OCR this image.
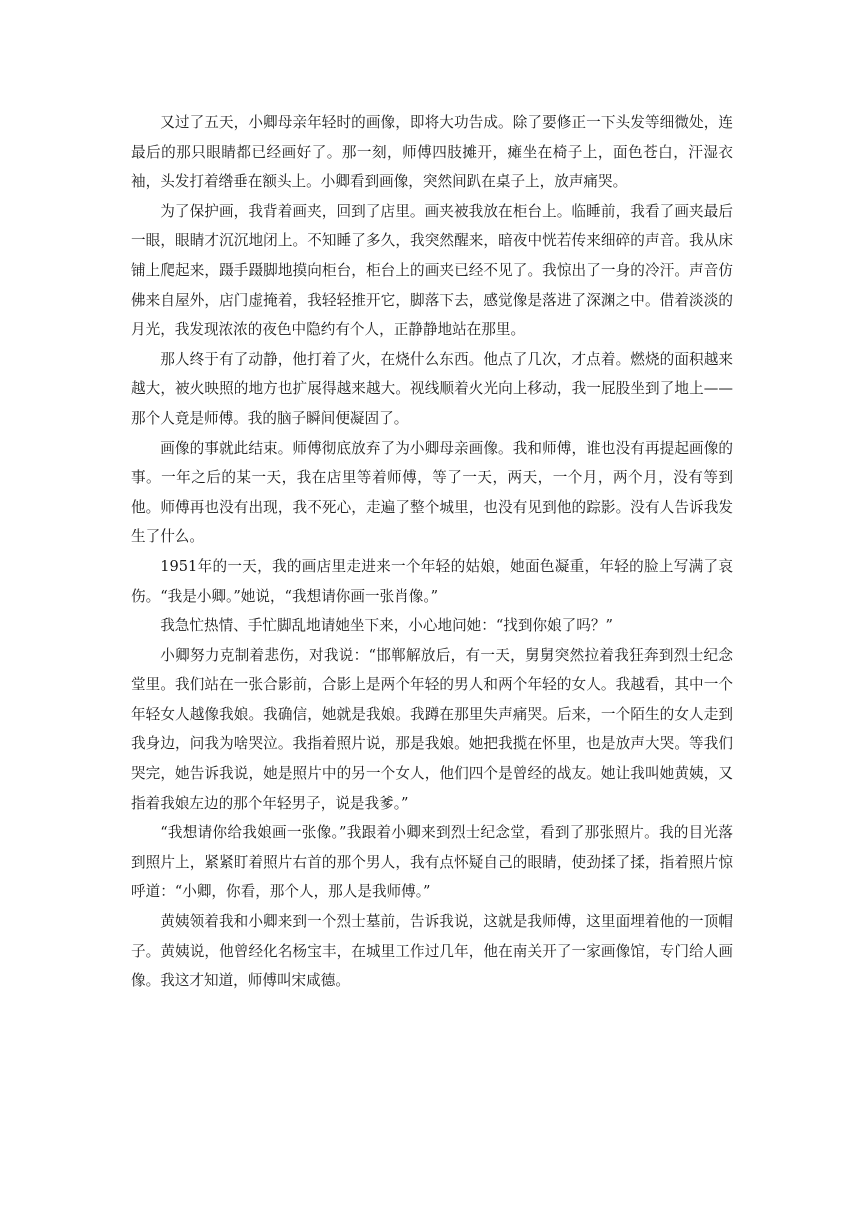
又过了五天，小卿母亲年轻时的画像，即将大功告成。除了要修正一下头发等细微处，连最后的那只眼睛都已经画好了。那一刻，师傅四肢摊开，瘫坐在椅子上，面色苍白，汗湿衣袖，头发打着绺垂在额头上。小卿看到画像，突然间趴在桌子上，放声痛哭。

为了保护画，我背着画夹，回到了店里。画夹被我放在柜台上。临睡前，我看了画夹最后一眼，眼睛才沉沉地闭上。不知睡了多久，我突然醒来，暗夜中恍若传来细碎的声音。我从床铺上爬起来，蹑手蹑脚地摸向柜台，柜台上的画夹已经不见了。我惊出了一身的冷汗。声音仿佛来自屋外，店门虚掩着，我轻轻推开它，脚落下去，感觉像是落进了深渊之中。借着淡淡的月光，我发现浓浓的夜色中隐约有个人，正静静地站在那里。

那人终于有了动静，他打着了火，在烧什么东西。他点了几次，才点着。燃烧的面积越来越大，被火映照的地方也扩展得越来越大。视线顺着火光向上移动，我一屁股坐到了地上——那个人竟是师傅。我的脑子瞬间便凝固了。

画像的事就此结束。师傅彻底放弃了为小卿母亲画像。我和师傅，谁也没有再提起画像的事。一年之后的某一天，我在店里等着师傅，等了一天，两天，一个月，两个月，没有等到他。师傅再也没有出现，我不死心，走遍了整个城里，也没有见到他的踪影。没有人告诉我发生了什么。

1951年的一天，我的画店里走进来一个年轻的姑娘，她面色凝重，年轻的脸上写满了哀伤。“我是小卿。”她说，“我想请你画一张肖像。”

我急忙热情、手忙脚乱地请她坐下来，小心地问她：“找到你娘了吗？”

小卿努力克制着悲伤，对我说：“邯郸解放后，有一天，舅舅突然拉着我狂奔到烈士纪念堂里。我们站在一张合影前，合影上是两个年轻的男人和两个年轻的女人。我越看，其中一个年轻女人越像我娘。我确信，她就是我娘。我蹲在那里失声痛哭。后来，一个陌生的女人走到我身边，问我为啥哭泣。我指着照片说，那是我娘。她把我揽在怀里，也是放声大哭。等我们哭完，她告诉我说，她是照片中的另一个女人，他们四个是曾经的战友。她让我叫她黄姨，又指着我娘左边的那个年轻男子，说是我爹。”

“我想请你给我娘画一张像。”我跟着小卿来到烈士纪念堂，看到了那张照片。我的目光落到照片上，紧紧盯着照片右首的那个男人，我有点怀疑自己的眼睛，使劲揉了揉，指着照片惊呼道：“小卿，你看，那个人，那人是我师傅。”

黄姨领着我和小卿来到一个烈士墓前，告诉我说，这就是我师傅，这里面埋着他的一顶帽子。黄姨说，他曾经化名杨宝丰，在城里工作过几年，他在南关开了一家画像馆，专门给人画像。我这才知道，师傅叫宋咸德。
